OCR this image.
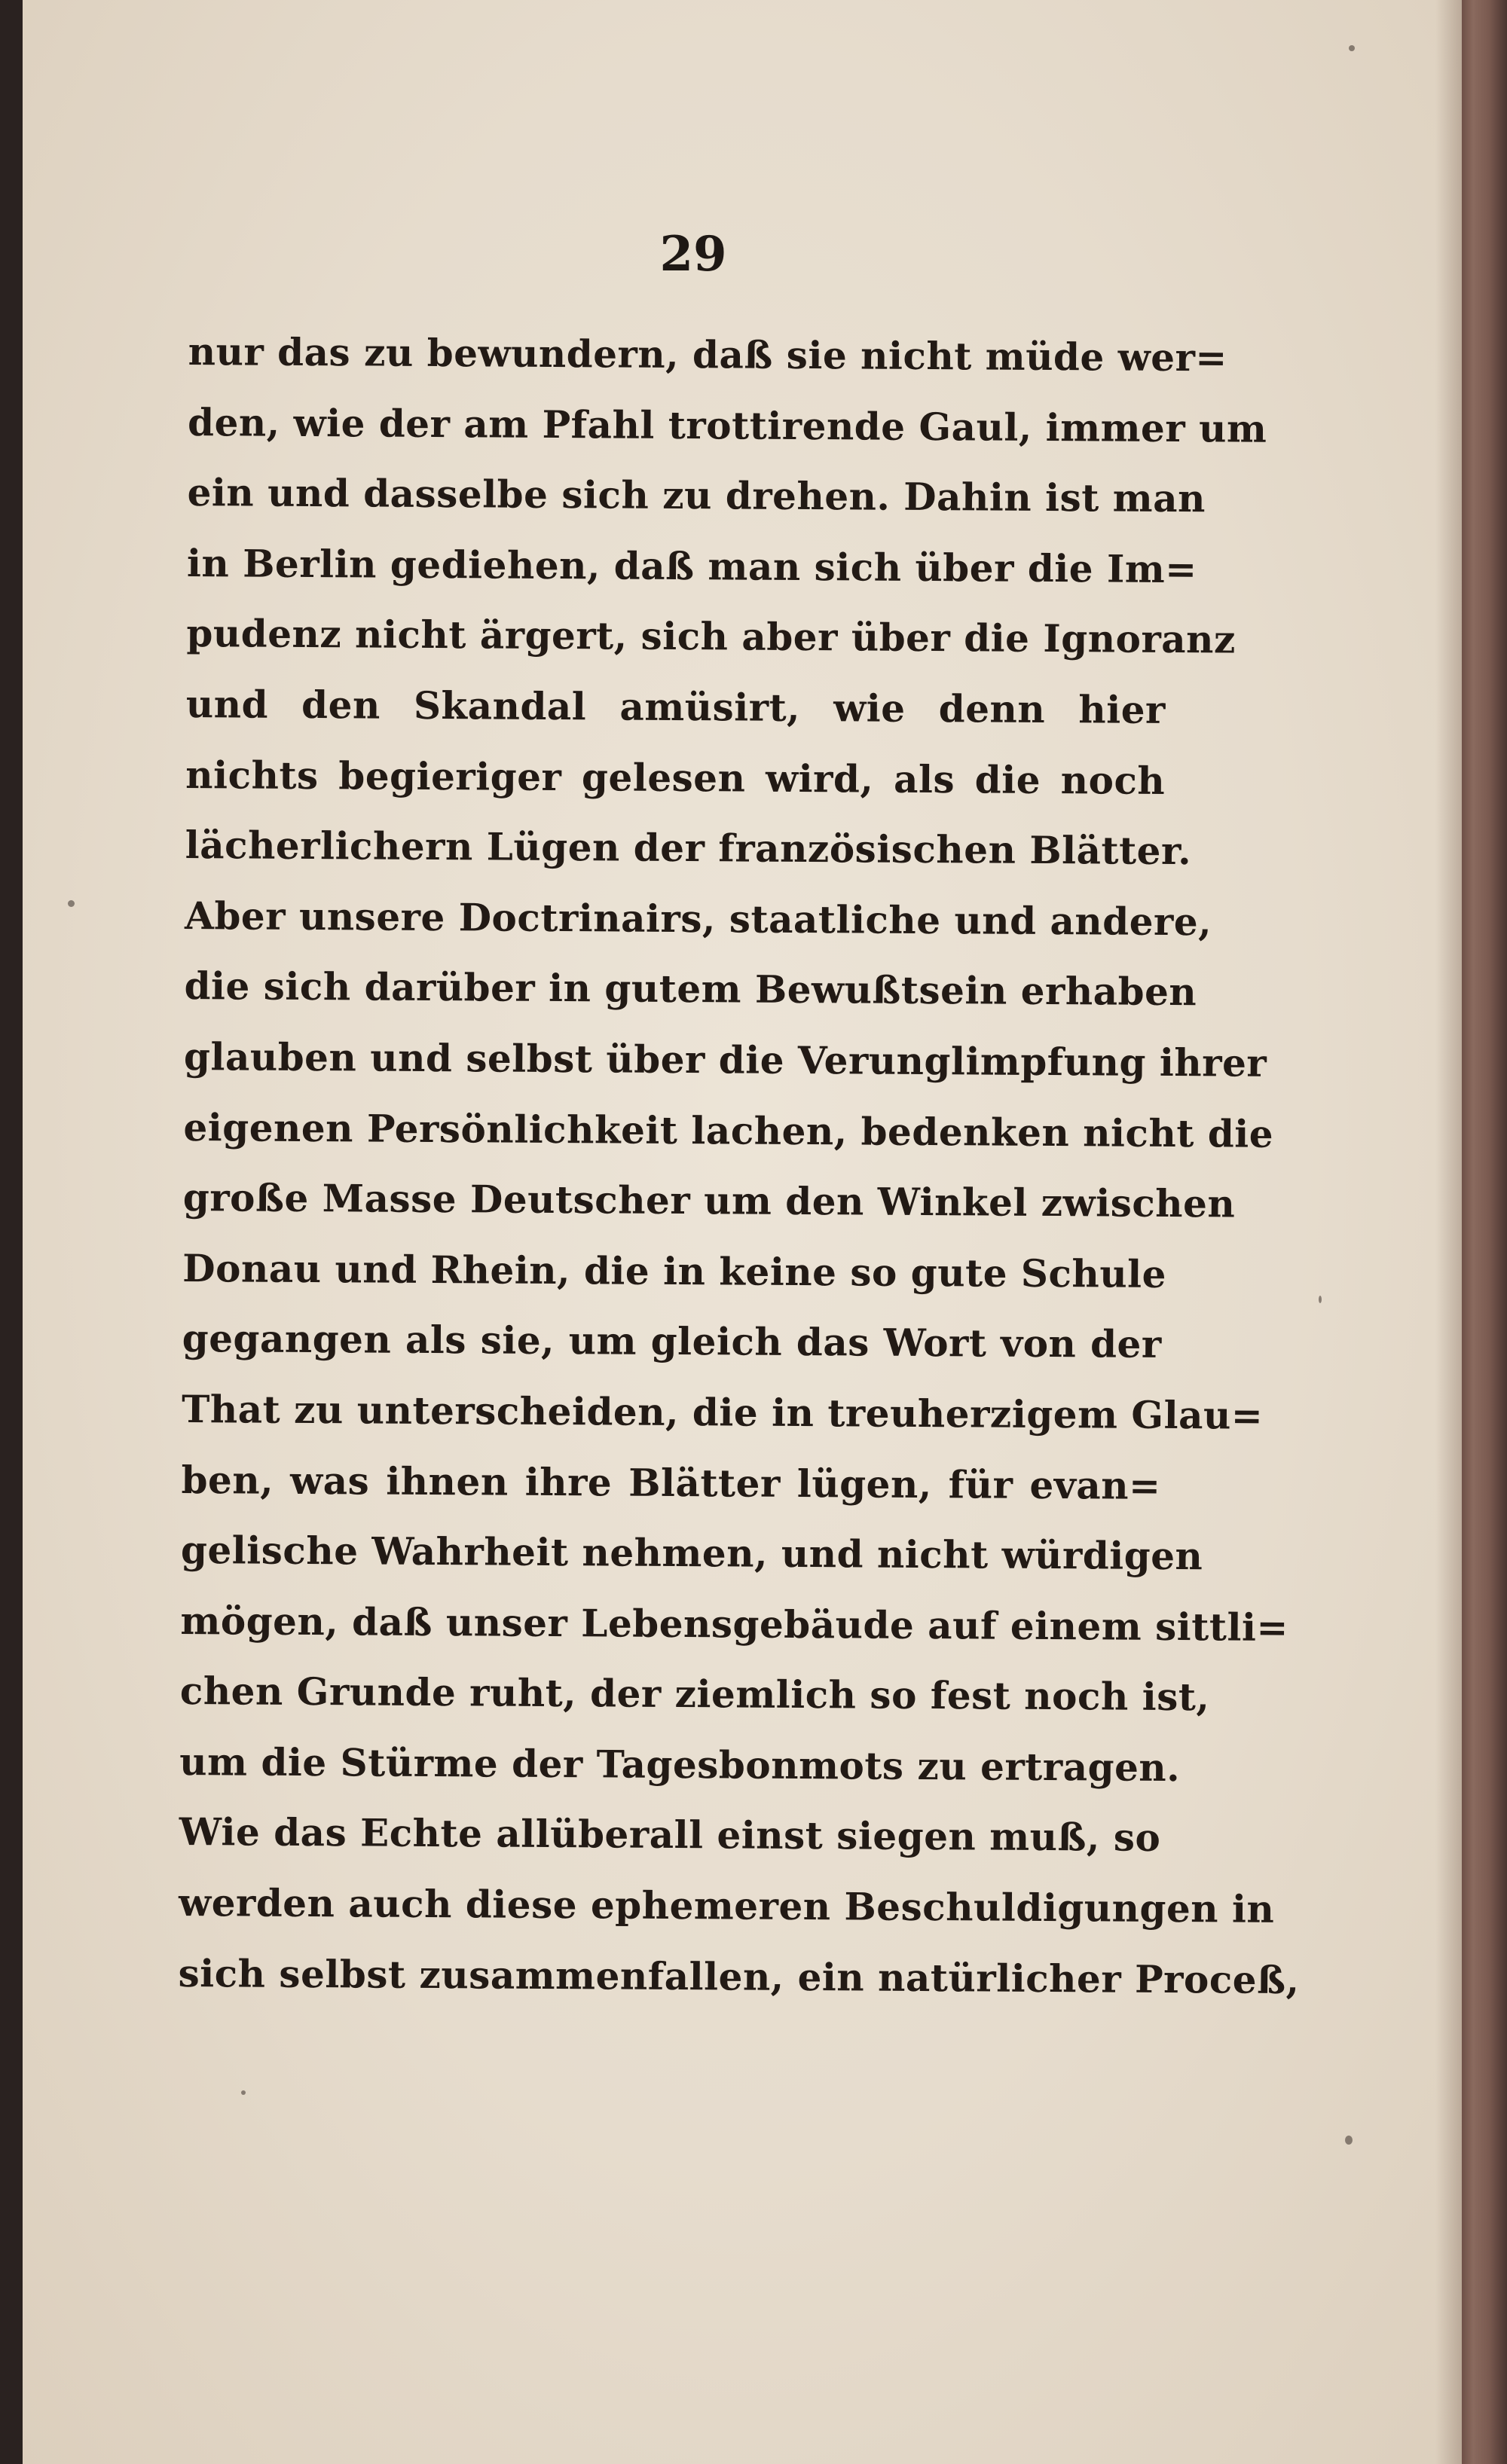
29
nur das zu bewundern, daß sie nicht müde wer=
den, wie der am Pfahl trottirende Gaul, immer um
ein und dasselbe sich zu drehen. Dahin ist man
in Berlin gediehen, daß man sich über die Im=
pudenz nicht ärgert, sich aber über die Ignoranz
und den Skandal amüsirt, wie denn hier
nichts begieriger gelesen wird, als die noch
lächerlichern Lügen der französischen Blätter.
Aber unsere Doctrinairs, staatliche und andere,
die sich darüber in gutem Bewußtsein erhaben
glauben und selbst über die Verunglimpfung ihrer
eigenen Persönlichkeit lachen, bedenken nicht die
große Masse Deutscher um den Winkel zwischen
Donau und Rhein, die in keine so gute Schule
gegangen als sie, um gleich das Wort von der
That zu unterscheiden, die in treuherzigem Glau=
ben, was ihnen ihre Blätter lügen, für evan=
gelische Wahrheit nehmen, und nicht würdigen
mögen, daß unser Lebensgebäude auf einem sittli=
chen Grunde ruht, der ziemlich so fest noch ist,
um die Stürme der Tagesbonmots zu ertragen.
Wie das Echte allüberall einst siegen muß, so
werden auch diese ephemeren Beschuldigungen in
sich selbst zusammenfallen, ein natürlicher Proceß,
